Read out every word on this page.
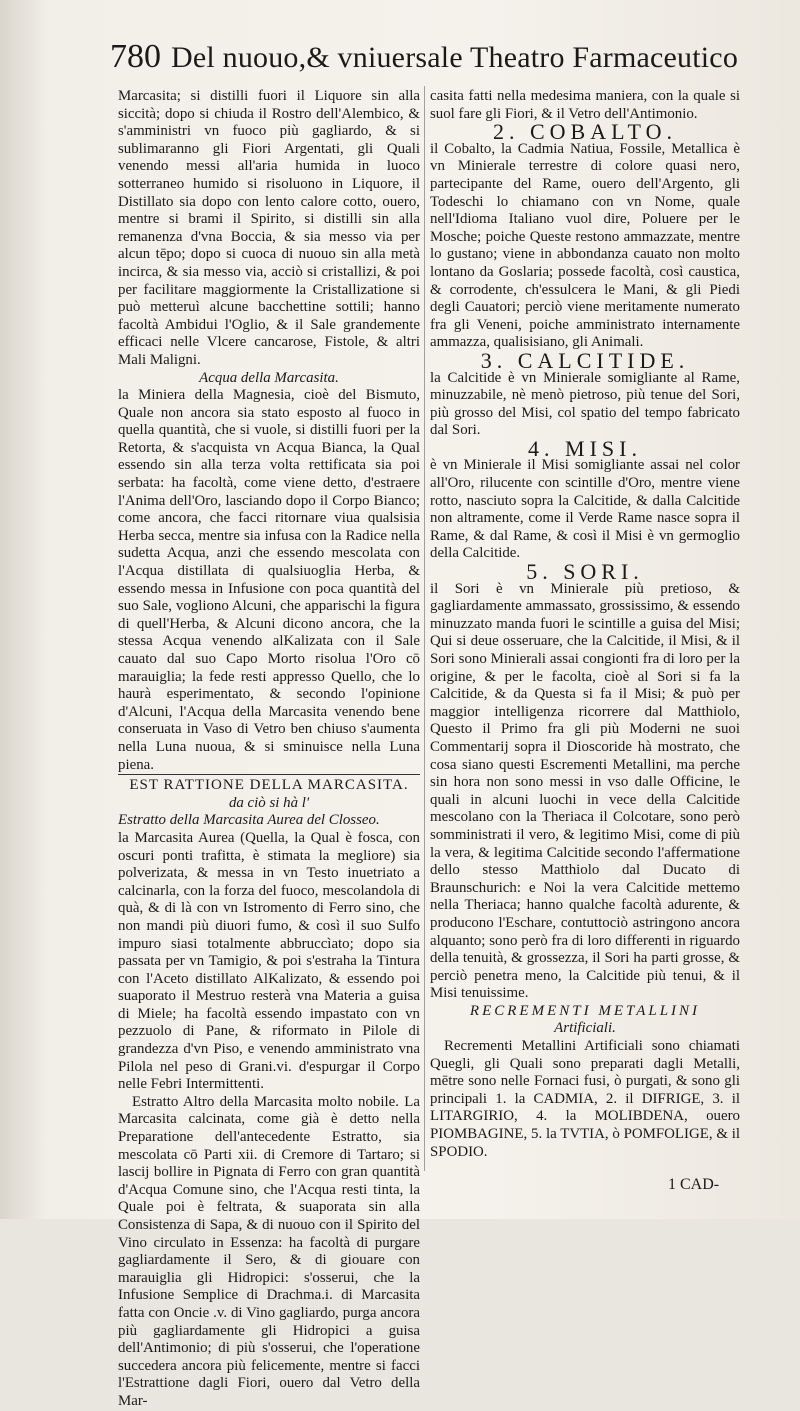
780 Del nuouo,& vniuersale Theatro Farmaceutico

Marcasita; si distilli fuori il Liquore sin alla siccità; dopo si chiuda il Rostro dell'Alembico, & s'amministri vn fuoco più gagliardo, & si sublimaranno gli Fiori Argentati, gli Quali venendo messi all'aria humida in luoco sotterraneo humido si risoluono in Liquore, il Distillato sia dopo con lento calore cotto, ouero, mentre si brami il Spirito, si distilli sin alla remanenza d'vna Boccia, & sia messo via per alcun tēpo; dopo si cuoca di nuouo sin alla metà incirca, & sia messo via, acciò si cristallizi, & poi per facilitare maggiormente la Cristallizatione si può metteruì alcune bacchettine sottili; hanno facoltà Ambidui l'Oglio, & il Sale grandemente efficaci nelle Vlcere cancarose, Fistole, & altri Mali Maligni.

Acqua della Marcasita.

la Miniera della Magnesia, cioè del Bismuto, Quale non ancora sia stato esposto al fuoco in quella quantità, che si vuole, si distilli fuori per la Retorta, & s'acquista vn Acqua Bianca, la Qual essendo sin alla terza volta rettificata sia poi serbata: ha facoltà, come viene detto, d'estraere l'Anima dell'Oro, lasciando dopo il Corpo Bianco; come ancora, che facci ritornare viua qualsisia Herba secca, mentre sia infusa con la Radice nella sudetta Acqua, anzi che essendo mescolata con l'Acqua distillata di qualsiuoglia Herba, & essendo messa in Infusione con poca quantità del suo Sale, vogliono Alcuni, che apparischi la figura di quell'Herba, & Alcuni dicono ancora, che la stessa Acqua venendo alKalizata con il Sale cauato dal suo Capo Morto risolua l'Oro cō marauiglia; la fede resti appresso Quello, che lo haurà esperimentato, & secondo l'opinione d'Alcuni, l'Acqua della Marcasita venendo bene conseruata in Vaso di Vetro ben chiuso s'aumenta nella Luna nuoua, & si sminuisce nella Luna piena.

EST RATTIONE DELLA MARCASITA.

da ciò si hà l'

Estratto della Marcasita Aurea del Closseo.

la Marcasita Aurea (Quella, la Qual è fosca, con oscuri ponti trafitta, è stimata la megliore) sia polverizata, & messa in vn Testo inuetriato a calcinarla, con la forza del fuoco, mescolandola di quà, & di là con vn Istromento di Ferro sino, che non mandi più diuori fumo, & così il suo Sulfo impuro siasi totalmente abbruccìato; dopo sia passata per vn Tamigio, & poi s'estraha la Tintura con l'Aceto distillato AlKalizato, & essendo poi suaporato il Mestruo resterà vna Materia a guisa di Miele; ha facoltà essendo impastato con vn pezzuolo di Pane, & riformato in Pilole di grandezza d'vn Piso, e venendo amministrato vna Pilola nel peso di Grani.vi. d'espurgar il Corpo nelle Febri Intermittenti.

Estratto Altro della Marcasita molto nobile. La Marcasita calcinata, come già è detto nella Preparatione dell'antecedente Estratto, sia mescolata cō Parti xii. di Cremore di Tartaro; si lascij bollire in Pignata di Ferro con gran quantità d'Acqua Comune sino, che l'Acqua resti tinta, la Quale poi è feltrata, & suaporata sin alla Consistenza di Sapa, & di nuouo con il Spirito del Vino circulato in Essenza: ha facoltà di purgare gagliardamente il Sero, & di giouare con marauiglia gli Hidropici: s'osserui, che la Infusione Semplice di Drachma.i. di Marcasita fatta con Oncie .v. di Vino gagliardo, purga ancora più gagliardamente gli Hidropici a guisa dell'Antimonio; di più s'osserui, che l'operatione succedera ancora più felicemente, mentre si facci l'Estrattione dagli Fiori, ouero dal Vetro della Mar-

casita fatti nella medesima maniera, con la quale si suol fare gli Fiori, & il Vetro dell'Antimonio.

2. COBALTO.

il Cobalto, la Cadmia Natiua, Fossile, Metallica è vn Minierale terrestre di colore quasi nero, partecipante del Rame, ouero dell'Argento, gli Todeschi lo chiamano con vn Nome, quale nell'Idioma Italiano vuol dire, Poluere per le Mosche; poiche Queste restono ammazzate, mentre lo gustano; viene in abbondanza cauato non molto lontano da Goslaria; possede facoltà, così caustica, & corrodente, ch'essulcera le Mani, & gli Piedi degli Cauatori; perciò viene meritamente numerato fra gli Veneni, poiche amministrato internamente ammazza, qualisisiano, gli Animali.

3. CALCITIDE.

la Calcitide è vn Minierale somigliante al Rame, minuzzabile, nè menò pietroso, più tenue del Sori, più grosso del Misi, col spatio del tempo fabricato dal Sori.

4. MISI.

è vn Minierale il Misi somigliante assai nel color all'Oro, rilucente con scintille d'Oro, mentre viene rotto, nasciuto sopra la Calcitide, & dalla Calcitide non altramente, come il Verde Rame nasce sopra il Rame, & dal Rame, & così il Misi è vn germoglio della Calcitide.

5. SORI.

il Sori è vn Minierale più pretioso, & gagliardamente ammassato, grossissimo, & essendo minuzzato manda fuori le scintille a guisa del Misi; Qui si deue osseruare, che la Calcitide, il Misi, & il Sori sono Minierali assai congionti fra di loro per la origine, & per le facolta, cioè al Sori si fa la Calcitide, & da Questa si fa il Misi; & può per maggior intelligenza ricorrere dal Matthiolo, Questo il Primo fra gli più Moderni ne suoi Commentarij sopra il Dioscoride hà mostrato, che cosa siano questi Escrementi Metallini, ma perche sin hora non sono messi in vso dalle Officine, le quali in alcuni luochi in vece della Calcitide mescolano con la Theriaca il Colcotare, sono però somministrati il vero, & legitimo Misi, come di più la vera, & legitima Calcitide secondo l'affermatione dello stesso Matthiolo dal Ducato di Braunschurich: e Noi la vera Calcitide mettemo nella Theriaca; hanno qualche facoltà adurente, & producono l'Eschare, contuttociò astringono ancora alquanto; sono però fra di loro differenti in riguardo della tenuità, & grossezza, il Sori ha parti grosse, & perciò penetra meno, la Calcitide più tenui, & il Misi tenuissime.

RECREMENTI METALLINI

Artificiali.

Recrementi Metallini Artificiali sono chiamati Quegli, gli Quali sono preparati dagli Metalli, mētre sono nelle Fornaci fusi, ò purgati, & sono gli principali 1. la CADMIA, 2. il DIFRIGE, 3. il LITARGIRIO, 4. la MOLIBDENA, ouero PIOMBAGINE, 5. la TVTIA, ò POMFOLIGE, & il SPODIO.

1 CAD-
